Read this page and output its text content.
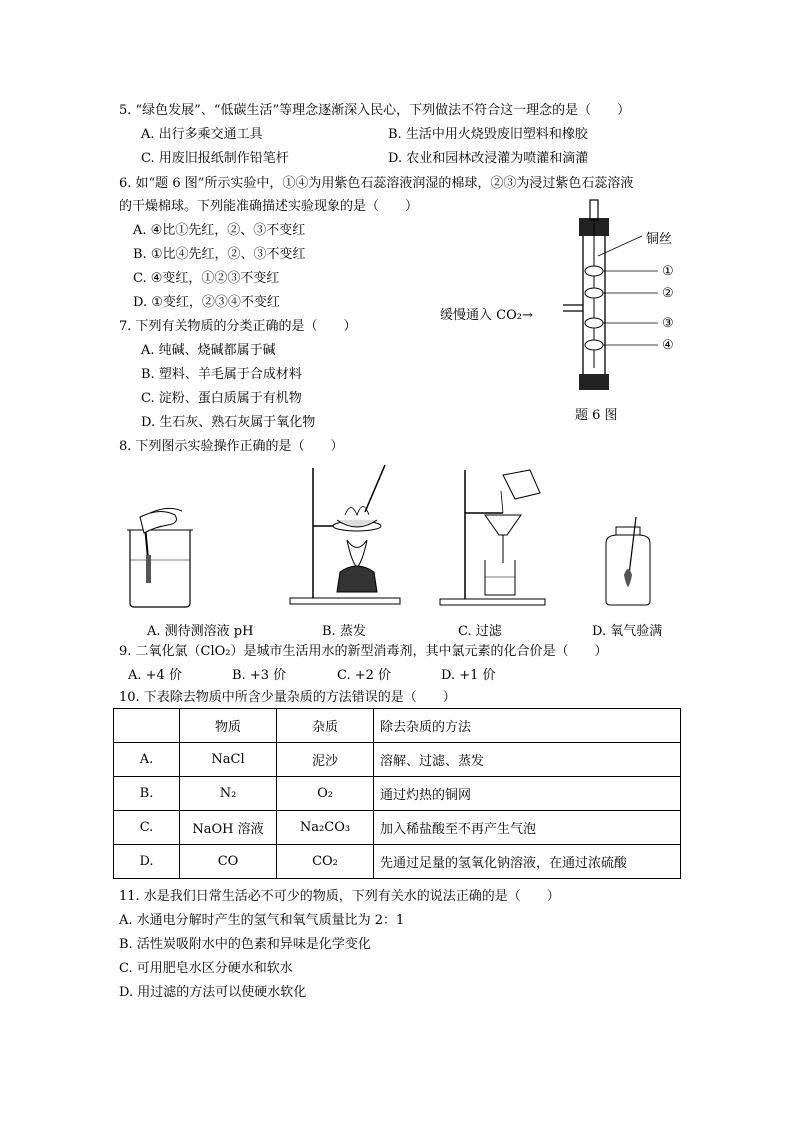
5. “绿色发展”、“低碳生活”等理念逐渐深入民心，下列做法不符合这一理念的是（　　）
A. 出行多乘交通工具	B. 生活中用火烧毁废旧塑料和橡胶
C. 用废旧报纸制作铅笔杆	D. 农业和园林改浸灌为喷灌和滴灌
6. 如“题 6 图”所示实验中，①④为用紫色石蕊溶液润湿的棉球，②③为浸过紫色石蕊溶液
的干燥棉球。下列能准确描述实验现象的是（　　）
A. ④比①先红，②、③不变红
B. ①比④先红，②、③不变红
C. ④变红，①②③不变红
D. ①变红，②③④不变红
铜丝
缓慢通入 CO₂→
①
②
③
④
题 6 图
7. 下列有关物质的分类正确的是（　　）
A. 纯碱、烧碱都属于碱
B. 塑料、羊毛属于合成材料
C. 淀粉、蛋白质属于有机物
D. 生石灰、熟石灰属于氧化物
8. 下列图示实验操作正确的是（　　）
A. 测待测溶液 pH	B. 蒸发	C. 过滤	D. 氧气验满
9. 二氧化氯（ClO₂）是城市生活用水的新型消毒剂，其中氯元素的化合价是（　　）
A. +4 价	B. +3 价	C. +2 价	D. +1 价
10. 下表除去物质中所含少量杂质的方法错误的是（　　）
	物质	杂质	除去杂质的方法
A.	NaCl	泥沙	溶解、过滤、蒸发
B.	N₂	O₂	通过灼热的铜网
C.	NaOH 溶液	Na₂CO₃	加入稀盐酸至不再产生气泡
D.	CO	CO₂	先通过足量的氢氧化钠溶液，在通过浓硫酸
11. 水是我们日常生活必不可少的物质，下列有关水的说法正确的是（　　）
A. 水通电分解时产生的氢气和氧气质量比为 2：1
B. 活性炭吸附水中的色素和异味是化学变化
C. 可用肥皂水区分硬水和软水
D. 用过滤的方法可以使硬水软化
